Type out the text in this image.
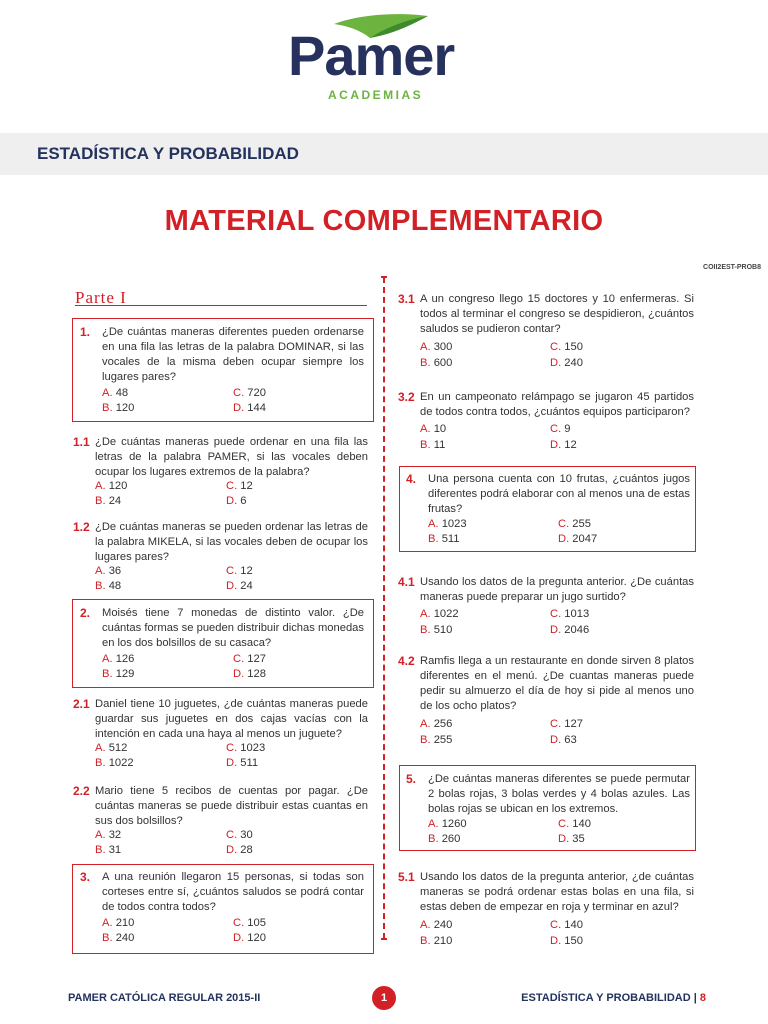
Pamer
ACADEMIAS
ESTADÍSTICA Y PROBABILIDAD
MATERIAL COMPLEMENTARIO
COII2EST-PROB8
Parte I
1. ¿De cuántas maneras diferentes pueden ordenarse en una fila las letras de la palabra DOMINAR, si las vocales de la misma deben ocupar siempre los lugares pares?
A. 48	C. 720
B. 120	D. 144
1.1 ¿De cuántas maneras puede ordenar en una fila las letras de la palabra PAMER, si las vocales deben ocupar los lugares extremos de la palabra?
A. 120	C. 12
B. 24	D. 6
1.2 ¿De cuántas maneras se pueden ordenar las letras de la palabra MIKELA, si las vocales deben de ocupar los lugares pares?
A. 36	C. 12
B. 48	D. 24
2. Moisés tiene 7 monedas de distinto valor. ¿De cuántas formas se pueden distribuir dichas monedas en los dos bolsillos de su casaca?
A. 126	C. 127
B. 129	D. 128
2.1 Daniel tiene 10 juguetes, ¿de cuántas maneras puede guardar sus juguetes en dos cajas vacías con la intención en cada una haya al menos un juguete?
A. 512	C. 1023
B. 1022	D. 511
2.2 Mario tiene 5 recibos de cuentas por pagar. ¿De cuántas maneras se puede distribuir estas cuantas en sus dos bolsillos?
A. 32	C. 30
B. 31	D. 28
3. A una reunión llegaron 15 personas, si todas son corteses entre sí, ¿cuántos saludos se podrá contar de todos contra todos?
A. 210	C. 105
B. 240	D. 120
3.1 A un congreso llego 15 doctores y 10 enfermeras. Si todos al terminar el congreso se despidieron, ¿cuántos saludos se pudieron contar?
A. 300	C. 150
B. 600	D. 240
3.2 En un campeonato relámpago se jugaron 45 partidos de todos contra todos, ¿cuántos equipos participaron?
A. 10	C. 9
B. 11	D. 12
4. Una persona cuenta con 10 frutas, ¿cuántos jugos diferentes podrá elaborar con al menos una de estas frutas?
A. 1023	C. 255
B. 511	D. 2047
4.1 Usando los datos de la pregunta anterior. ¿De cuántas maneras puede preparar un jugo surtido?
A. 1022	C. 1013
B. 510	D. 2046
4.2 Ramfis llega a un restaurante en donde sirven 8 platos diferentes en el menú. ¿De cuantas maneras puede pedir su almuerzo el día de hoy si pide al menos uno de los ocho platos?
A. 256	C. 127
B. 255	D. 63
5. ¿De cuántas maneras diferentes se puede permutar 2 bolas rojas, 3 bolas verdes y 4 bolas azules. Las bolas rojas se ubican en los extremos.
A. 1260	C. 140
B. 260	D. 35
5.1 Usando los datos de la pregunta anterior, ¿de cuántas maneras se podrá ordenar estas bolas en una fila, si estas deben de empezar en roja y terminar en azul?
A. 240	C. 140
B. 210	D. 150
PAMER CATÓLICA REGULAR 2015-II	1	ESTADÍSTICA Y PROBABILIDAD | 8
